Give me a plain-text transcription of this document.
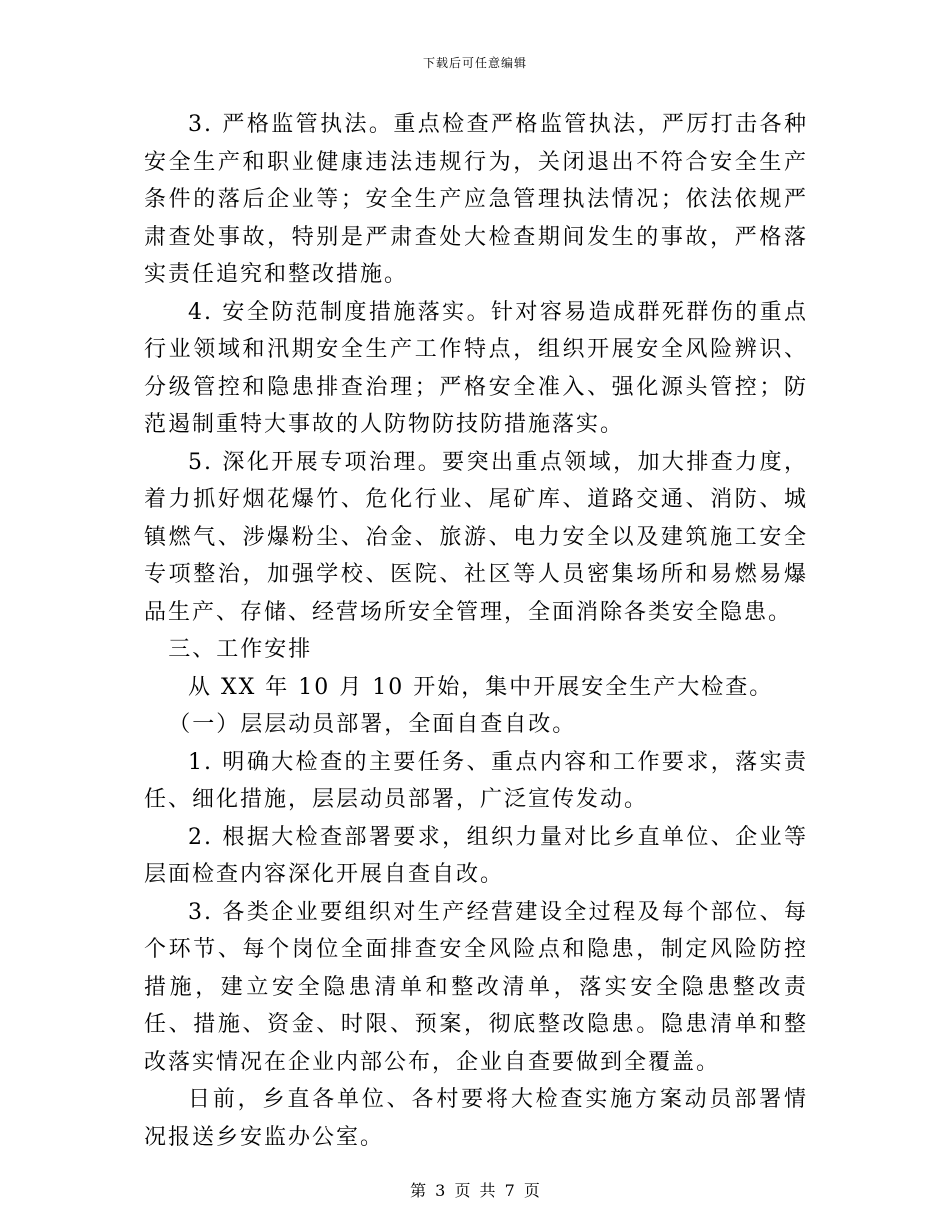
下载后可任意编辑

3. 严格监管执法。重点检查严格监管执法，严厉打击各种安全生产和职业健康违法违规行为，关闭退出不符合安全生产条件的落后企业等；安全生产应急管理执法情况；依法依规严肃查处事故，特别是严肃查处大检查期间发生的事故，严格落实责任追究和整改措施。

4. 安全防范制度措施落实。针对容易造成群死群伤的重点行业领域和汛期安全生产工作特点，组织开展安全风险辨识、分级管控和隐患排查治理；严格安全准入、强化源头管控；防范遏制重特大事故的人防物防技防措施落实。

5. 深化开展专项治理。要突出重点领域，加大排查力度，着力抓好烟花爆竹、危化行业、尾矿库、道路交通、消防、城镇燃气、涉爆粉尘、冶金、旅游、电力安全以及建筑施工安全专项整治，加强学校、医院、社区等人员密集场所和易燃易爆品生产、存储、经营场所安全管理，全面消除各类安全隐患。

三、工作安排

从 XX 年 10 月 10 开始，集中开展安全生产大检查。

（一）层层动员部署，全面自查自改。

1. 明确大检查的主要任务、重点内容和工作要求，落实责任、细化措施，层层动员部署，广泛宣传发动。

2. 根据大检查部署要求，组织力量对比乡直单位、企业等层面检查内容深化开展自查自改。

3. 各类企业要组织对生产经营建设全过程及每个部位、每个环节、每个岗位全面排查安全风险点和隐患，制定风险防控措施，建立安全隐患清单和整改清单，落实安全隐患整改责任、措施、资金、时限、预案，彻底整改隐患。隐患清单和整改落实情况在企业内部公布，企业自查要做到全覆盖。

日前，乡直各单位、各村要将大检查实施方案动员部署情况报送乡安监办公室。

第 3 页 共 7 页
